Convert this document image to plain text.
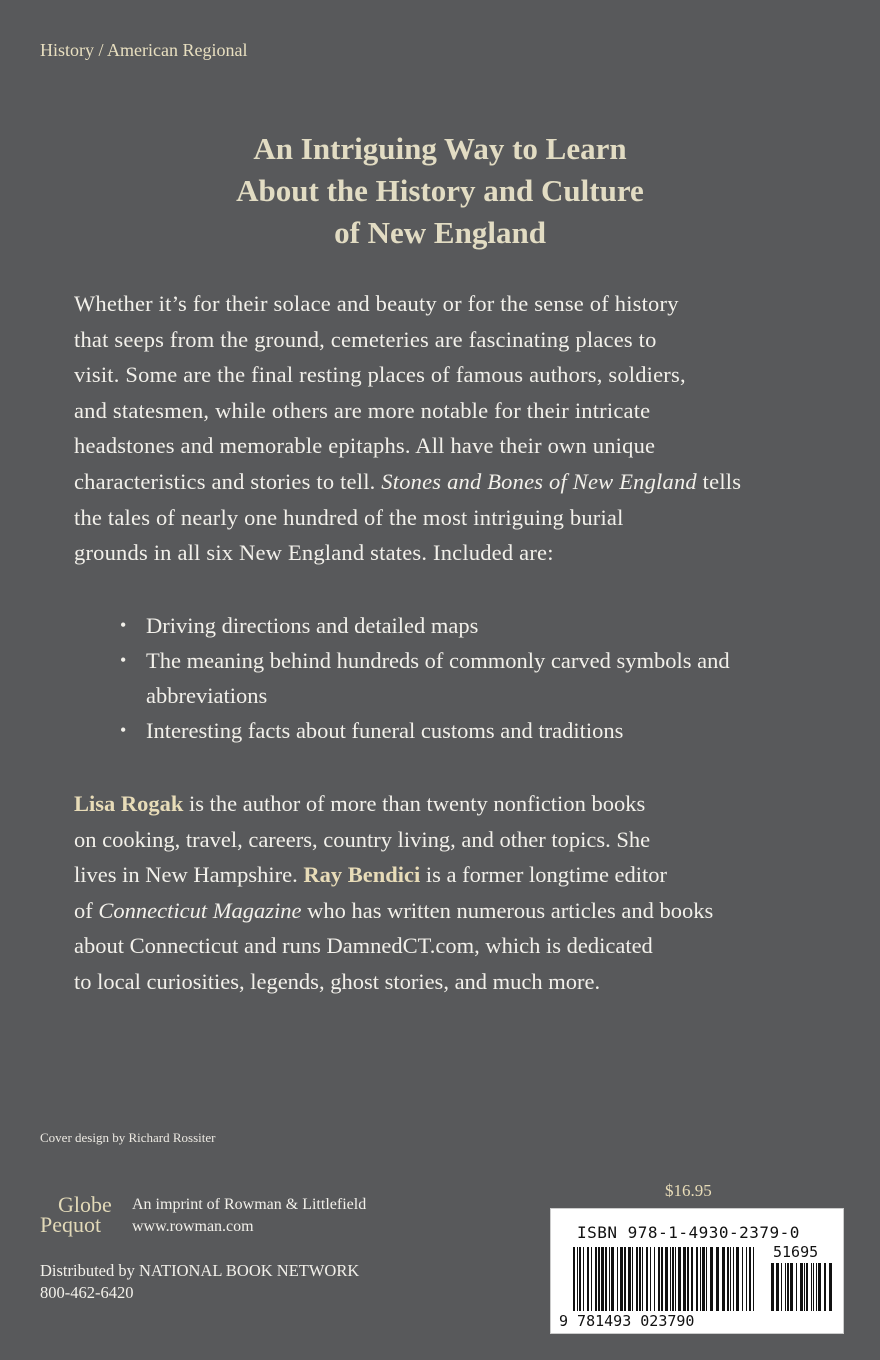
History / American Regional
An Intriguing Way to Learn
About the History and Culture
of New England
Whether it’s for their solace and beauty or for the sense of history
that seeps from the ground, cemeteries are fascinating places to
visit. Some are the final resting places of famous authors, soldiers,
and statesmen, while others are more notable for their intricate
headstones and memorable epitaphs. All have their own unique
characteristics and stories to tell. Stones and Bones of New England tells
the tales of nearly one hundred of the most intriguing burial
grounds in all six New England states. Included are:
• Driving directions and detailed maps
• The meaning behind hundreds of commonly carved symbols and abbreviations
• Interesting facts about funeral customs and traditions
Lisa Rogak is the author of more than twenty nonfiction books
on cooking, travel, careers, country living, and other topics. She
lives in New Hampshire. Ray Bendici is a former longtime editor
of Connecticut Magazine who has written numerous articles and books
about Connecticut and runs DamnedCT.com, which is dedicated
to local curiosities, legends, ghost stories, and much more.
Cover design by Richard Rossiter
Globe
Pequot
An imprint of Rowman & Littlefield
www.rowman.com
Distributed by NATIONAL BOOK NETWORK
800-462-6420
$16.95
ISBN 978-1-4930-2379-0
51695
9 781493 023790
